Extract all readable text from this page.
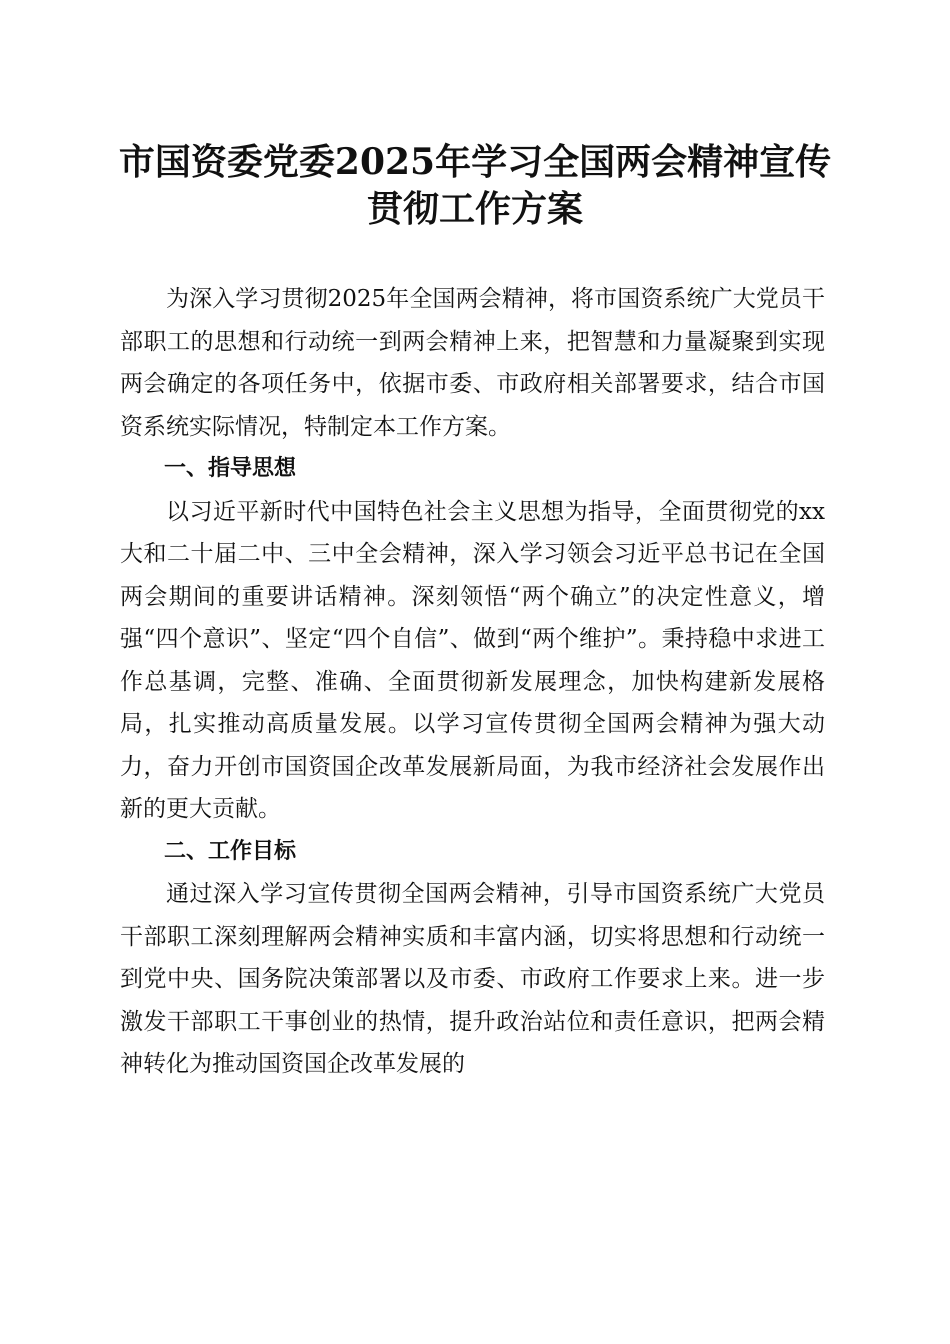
市国资委党委2025年学习全国两会精神宣传
贯彻工作方案

为深入学习贯彻2025年全国两会精神，将市国资系统广大党员干部职工的思想和行动统一到两会精神上来，把智慧和力量凝聚到实现两会确定的各项任务中，依据市委、市政府相关部署要求，结合市国资系统实际情况，特制定本工作方案。

一、指导思想

以习近平新时代中国特色社会主义思想为指导，全面贯彻党的xx大和二十届二中、三中全会精神，深入学习领会习近平总书记在全国两会期间的重要讲话精神。深刻领悟“两个确立”的决定性意义，增强“四个意识”、坚定“四个自信”、做到“两个维护”。秉持稳中求进工作总基调，完整、准确、全面贯彻新发展理念，加快构建新发展格局，扎实推动高质量发展。以学习宣传贯彻全国两会精神为强大动力，奋力开创市国资国企改革发展新局面，为我市经济社会发展作出新的更大贡献。

二、工作目标

通过深入学习宣传贯彻全国两会精神，引导市国资系统广大党员干部职工深刻理解两会精神实质和丰富内涵，切实将思想和行动统一到党中央、国务院决策部署以及市委、市政府工作要求上来。进一步激发干部职工干事创业的热情，提升政治站位和责任意识，把两会精神转化为推动国资国企改革发展的
